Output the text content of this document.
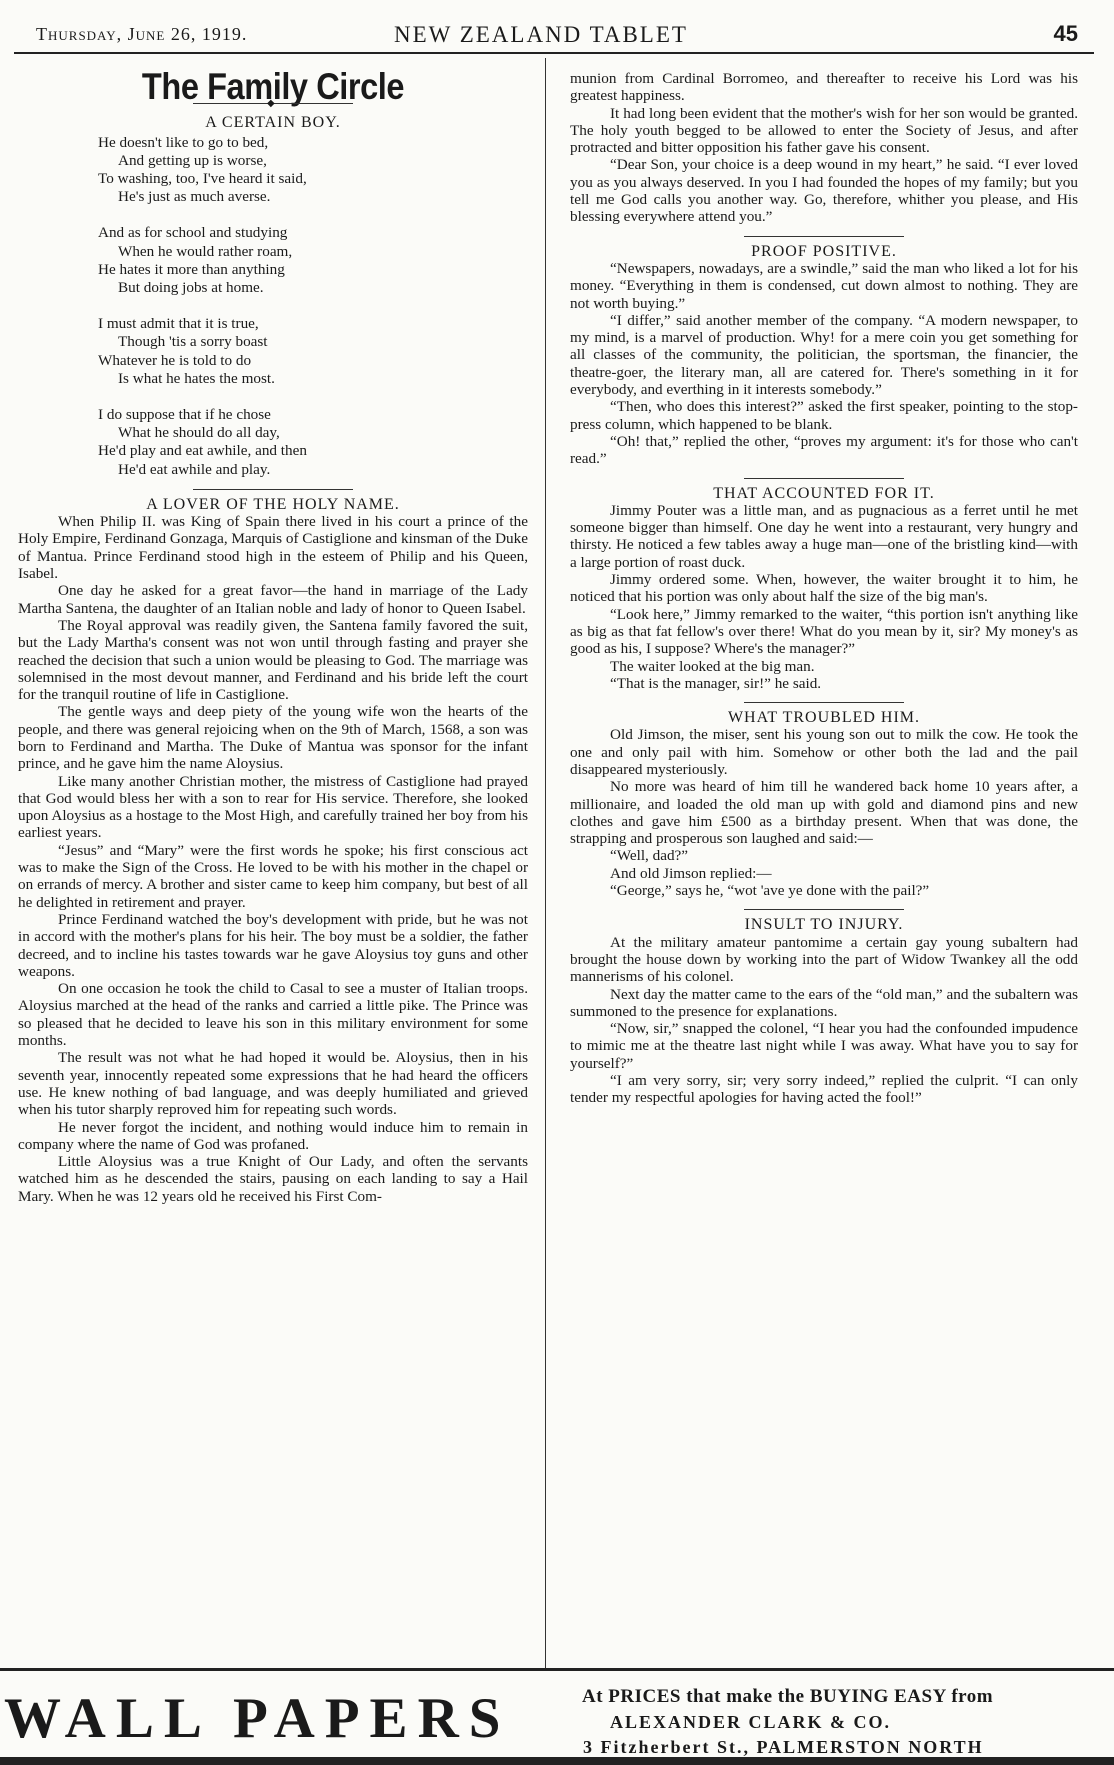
Thursday, June 26, 1919.	NEW ZEALAND TABLET	45
The Family Circle
◆
A CERTAIN BOY.
He doesn't like to go to bed,
And getting up is worse,
To washing, too, I've heard it said,
He's just as much averse.
And as for school and studying
When he would rather roam,
He hates it more than anything
But doing jobs at home.
I must admit that it is true,
Though 'tis a sorry boast
Whatever he is told to do
Is what he hates the most.
I do suppose that if he chose
What he should do all day,
He'd play and eat awhile, and then
He'd eat awhile and play.
A LOVER OF THE HOLY NAME.

When Philip II. was King of Spain there lived in his court a prince of the Holy Empire, Ferdinand Gonzaga, Marquis of Castiglione and kinsman of the Duke of Mantua. Prince Ferdinand stood high in the esteem of Philip and his Queen, Isabel.

One day he asked for a great favor—the hand in marriage of the Lady Martha Santena, the daughter of an Italian noble and lady of honor to Queen Isabel.

The Royal approval was readily given, the Santena family favored the suit, but the Lady Martha's consent was not won until through fasting and prayer she reached the decision that such a union would be pleasing to God. The marriage was solemnised in the most devout manner, and Ferdinand and his bride left the court for the tranquil routine of life in Castiglione.

The gentle ways and deep piety of the young wife won the hearts of the people, and there was general rejoicing when on the 9th of March, 1568, a son was born to Ferdinand and Martha. The Duke of Mantua was sponsor for the infant prince, and he gave him the name Aloysius.

Like many another Christian mother, the mistress of Castiglione had prayed that God would bless her with a son to rear for His service. Therefore, she looked upon Aloysius as a hostage to the Most High, and carefully trained her boy from his earliest years.

“Jesus” and “Mary” were the first words he spoke; his first conscious act was to make the Sign of the Cross. He loved to be with his mother in the chapel or on errands of mercy. A brother and sister came to keep him company, but best of all he delighted in retirement and prayer.

Prince Ferdinand watched the boy's development with pride, but he was not in accord with the mother's plans for his heir. The boy must be a soldier, the father decreed, and to incline his tastes towards war he gave Aloysius toy guns and other weapons.

On one occasion he took the child to Casal to see a muster of Italian troops. Aloysius marched at the head of the ranks and carried a little pike. The Prince was so pleased that he decided to leave his son in this military environment for some months.

The result was not what he had hoped it would be. Aloysius, then in his seventh year, innocently repeated some expressions that he had heard the officers use. He knew nothing of bad language, and was deeply humiliated and grieved when his tutor sharply reproved him for repeating such words.

He never forgot the incident, and nothing would induce him to remain in company where the name of God was profaned.

Little Aloysius was a true Knight of Our Lady, and often the servants watched him as he descended the stairs, pausing on each landing to say a Hail Mary. When he was 12 years old he received his First Com-

munion from Cardinal Borromeo, and thereafter to receive his Lord was his greatest happiness.

It had long been evident that the mother's wish for her son would be granted. The holy youth begged to be allowed to enter the Society of Jesus, and after protracted and bitter opposition his father gave his consent.

“Dear Son, your choice is a deep wound in my heart,” he said. “I ever loved you as you always deserved. In you I had founded the hopes of my family; but you tell me God calls you another way. Go, therefore, whither you please, and His blessing everywhere attend you.”

PROOF POSITIVE.

“Newspapers, nowadays, are a swindle,” said the man who liked a lot for his money. “Everything in them is condensed, cut down almost to nothing. They are not worth buying.”

“I differ,” said another member of the company. “A modern newspaper, to my mind, is a marvel of production. Why! for a mere coin you get something for all classes of the community, the politician, the sportsman, the financier, the theatre-goer, the literary man, all are catered for. There's something in it for everybody, and everthing in it interests somebody.”

“Then, who does this interest?” asked the first speaker, pointing to the stop-press column, which happened to be blank.

“Oh! that,” replied the other, “proves my argument: it's for those who can't read.”

THAT ACCOUNTED FOR IT.

Jimmy Pouter was a little man, and as pugnacious as a ferret until he met someone bigger than himself. One day he went into a restaurant, very hungry and thirsty. He noticed a few tables away a huge man—one of the bristling kind—with a large portion of roast duck.

Jimmy ordered some. When, however, the waiter brought it to him, he noticed that his portion was only about half the size of the big man's.

“Look here,” Jimmy remarked to the waiter, “this portion isn't anything like as big as that fat fellow's over there! What do you mean by it, sir? My money's as good as his, I suppose? Where's the manager?”

The waiter looked at the big man.

“That is the manager, sir!” he said.

WHAT TROUBLED HIM.

Old Jimson, the miser, sent his young son out to milk the cow. He took the one and only pail with him. Somehow or other both the lad and the pail disappeared mysteriously.

No more was heard of him till he wandered back home 10 years after, a millionaire, and loaded the old man up with gold and diamond pins and new clothes and gave him £500 as a birthday present. When that was done, the strapping and prosperous son laughed and said:—

“Well, dad?”

And old Jimson replied:—

“George,” says he, “wot 'ave ye done with the pail?”

INSULT TO INJURY.

At the military amateur pantomime a certain gay young subaltern had brought the house down by working into the part of Widow Twankey all the odd mannerisms of his colonel.

Next day the matter came to the ears of the “old man,” and the subaltern was summoned to the presence for explanations.

“Now, sir,” snapped the colonel, “I hear you had the confounded impudence to mimic me at the theatre last night while I was away. What have you to say for yourself?”

“I am very sorry, sir; very sorry indeed,” replied the culprit. “I can only tender my respectful apologies for having acted the fool!”

WALL PAPERS	At PRICES that make the BUYING EASY from
ALEXANDER CLARK & CO.
3 Fitzherbert St., PALMERSTON NORTH
